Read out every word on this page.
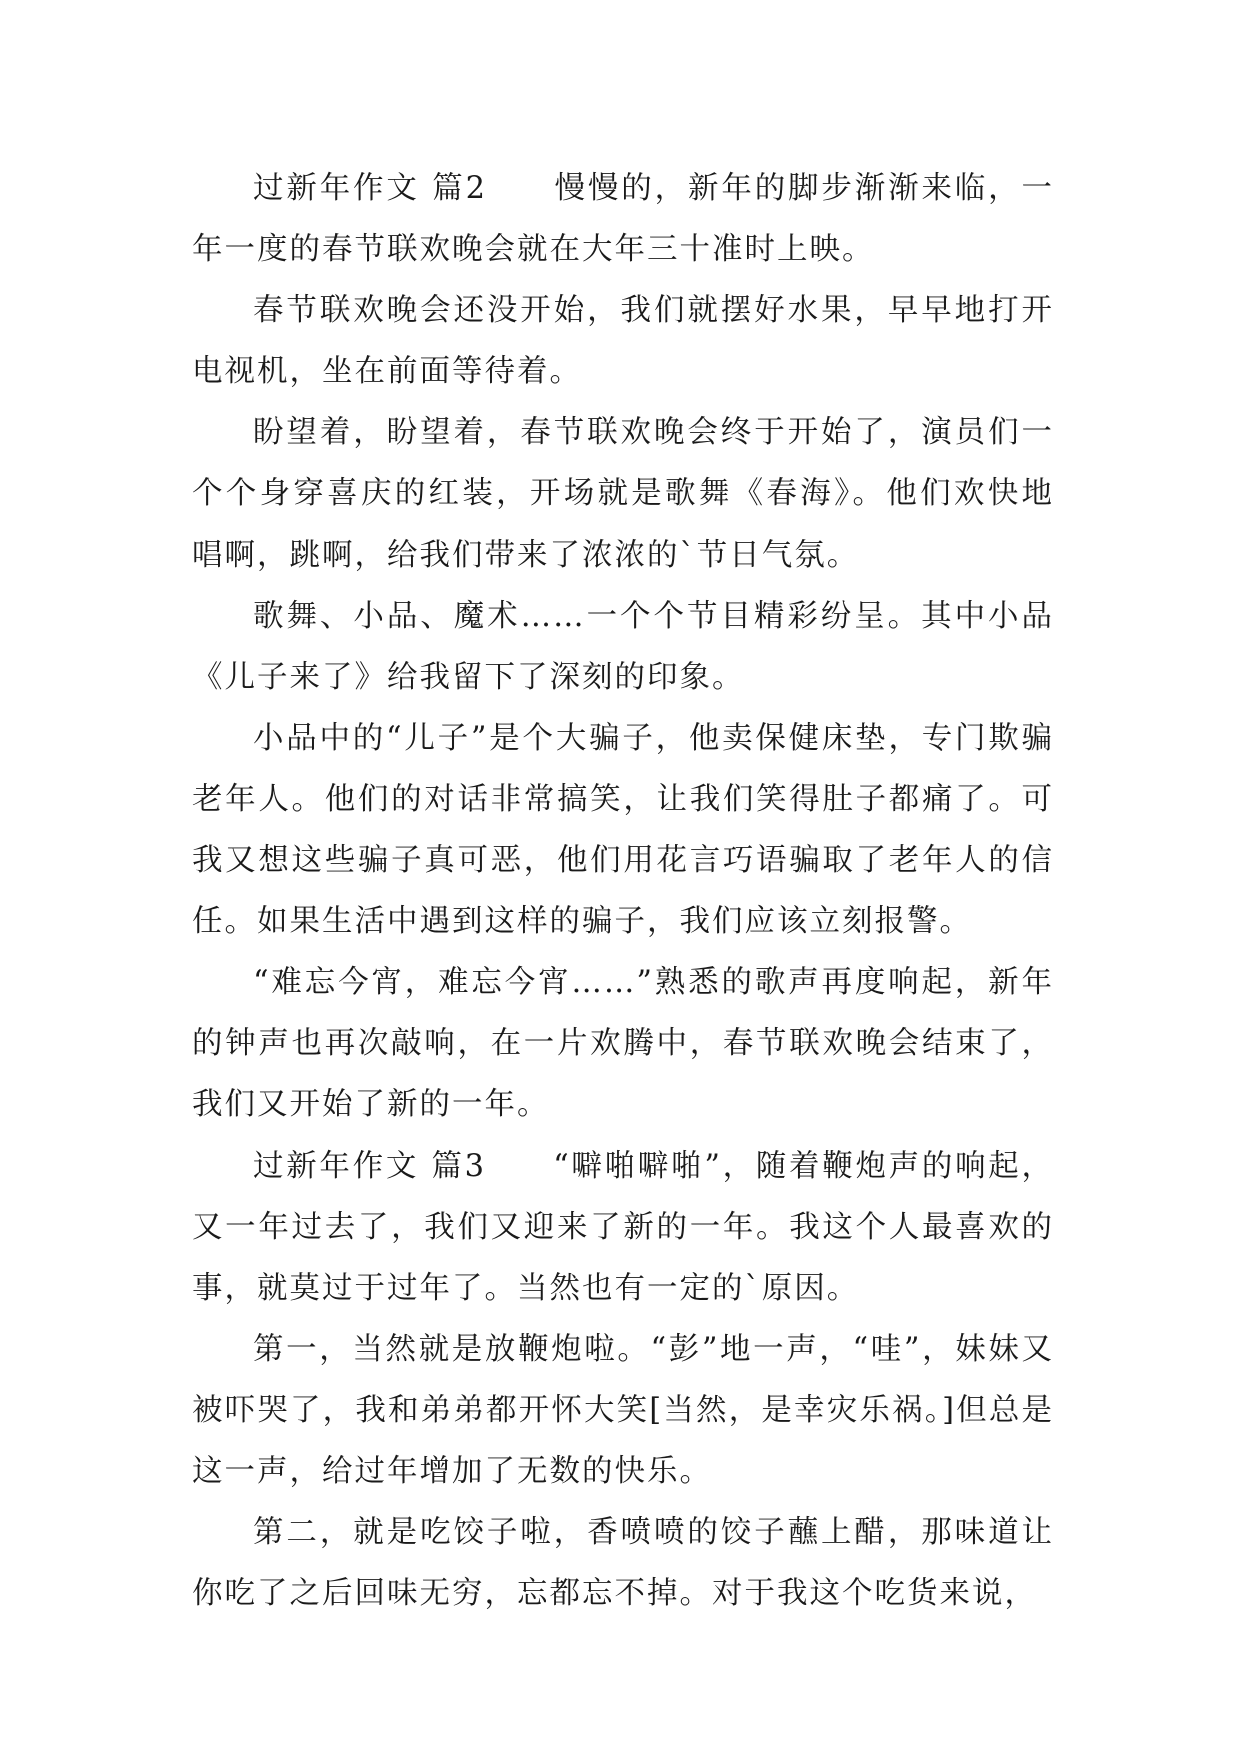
过新年作文 篇2　　慢慢的，新年的脚步渐渐来临，一年一度的春节联欢晚会就在大年三十准时上映。

春节联欢晚会还没开始，我们就摆好水果，早早地打开电视机，坐在前面等待着。

盼望着，盼望着，春节联欢晚会终于开始了，演员们一个个身穿喜庆的红装，开场就是歌舞《春海》。他们欢快地唱啊，跳啊，给我们带来了浓浓的`节日气氛。

歌舞、小品、魔术……一个个节目精彩纷呈。其中小品《儿子来了》给我留下了深刻的印象。

小品中的“儿子”是个大骗子，他卖保健床垫，专门欺骗老年人。他们的对话非常搞笑，让我们笑得肚子都痛了。可我又想这些骗子真可恶，他们用花言巧语骗取了老年人的信任。如果生活中遇到这样的骗子，我们应该立刻报警。

“难忘今宵，难忘今宵……”熟悉的歌声再度响起，新年的钟声也再次敲响，在一片欢腾中，春节联欢晚会结束了，我们又开始了新的一年。

过新年作文 篇3　　“噼啪噼啪”，随着鞭炮声的响起，又一年过去了，我们又迎来了新的一年。我这个人最喜欢的事，就莫过于过年了。当然也有一定的`原因。

第一，当然就是放鞭炮啦。“彭”地一声，“哇”，妹妹又被吓哭了，我和弟弟都开怀大笑[当然，是幸灾乐祸。]但总是这一声，给过年增加了无数的快乐。

第二，就是吃饺子啦，香喷喷的饺子蘸上醋，那味道让你吃了之后回味无穷，忘都忘不掉。对于我这个吃货来说，
